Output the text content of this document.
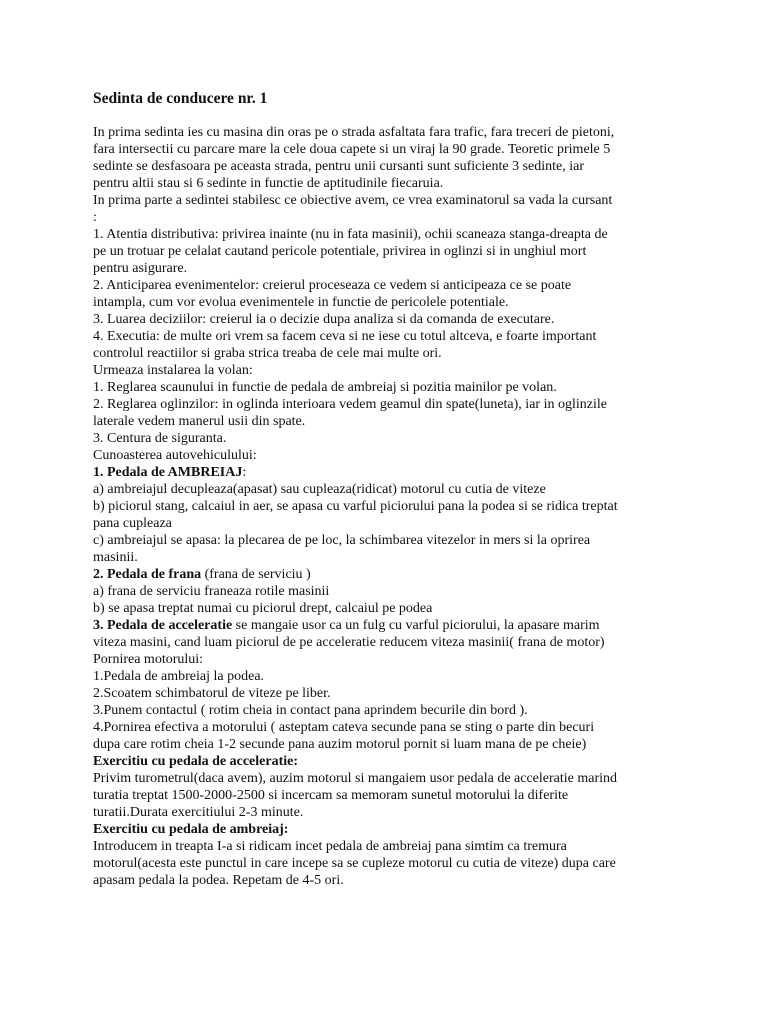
Sedinta de conducere nr. 1
In prima sedinta ies cu masina din oras pe o strada asfaltata fara trafic, fara treceri de pietoni,
fara intersectii cu parcare mare la cele doua capete si un viraj la 90 grade. Teoretic primele 5
sedinte se desfasoara pe aceasta strada, pentru unii cursanti sunt suficiente 3 sedinte, iar
pentru altii stau si 6 sedinte in functie de aptitudinile fiecaruia.
In prima parte a sedintei stabilesc ce obiective avem, ce vrea examinatorul sa vada la cursant
:
1. Atentia distributiva: privirea inainte (nu in fata masinii), ochii scaneaza stanga-dreapta de
pe un trotuar pe celalat cautand pericole potentiale, privirea in oglinzi si in unghiul mort
pentru asigurare.
2. Anticiparea evenimentelor: creierul proceseaza ce vedem si anticipeaza ce se poate
intampla, cum vor evolua evenimentele in functie de pericolele potentiale.
3. Luarea deciziilor: creierul ia o decizie dupa analiza si da comanda de executare.
4. Executia: de multe ori vrem sa facem ceva si ne iese cu totul altceva, e foarte important
controlul reactiilor si graba strica treaba de cele mai multe ori.
Urmeaza instalarea la volan:
1. Reglarea scaunului in functie de pedala de ambreiaj si pozitia mainilor pe volan.
2. Reglarea oglinzilor: in oglinda interioara vedem geamul din spate(luneta), iar in oglinzile
laterale vedem manerul usii din spate.
3. Centura de siguranta.
Cunoasterea autovehiculului:
1. Pedala de AMBREIAJ:
a) ambreiajul decupleaza(apasat) sau cupleaza(ridicat) motorul cu cutia de viteze
b) piciorul stang, calcaiul in aer, se apasa cu varful piciorului pana la podea si se ridica treptat
pana cupleaza
c) ambreiajul se apasa: la plecarea de pe loc, la schimbarea vitezelor in mers si la oprirea
masinii.
2. Pedala de frana (frana de serviciu )
a) frana de serviciu franeaza rotile masinii
b) se apasa treptat numai cu piciorul drept, calcaiul pe podea
3. Pedala de acceleratie se mangaie usor ca un fulg cu varful piciorului, la apasare marim
viteza masini, cand luam piciorul de pe acceleratie reducem viteza masinii( frana de motor)
Pornirea motorului:
1.Pedala de ambreiaj la podea.
2.Scoatem schimbatorul de viteze pe liber.
3.Punem contactul ( rotim cheia in contact pana aprindem becurile din bord ).
4.Pornirea efectiva a motorului ( asteptam cateva secunde pana se sting o parte din becuri
dupa care rotim cheia 1-2 secunde pana auzim motorul pornit si luam mana de pe cheie)
Exercitiu cu pedala de acceleratie:
Privim turometrul(daca avem), auzim motorul si mangaiem usor pedala de acceleratie marind
turatia treptat 1500-2000-2500 si incercam sa memoram sunetul motorului la diferite
turatii.Durata exercitiului 2-3 minute.
Exercitiu cu pedala de ambreiaj:
Introducem in treapta I-a si ridicam incet pedala de ambreiaj pana simtim ca tremura
motorul(acesta este punctul in care incepe sa se cupleze motorul cu cutia de viteze) dupa care
apasam pedala la podea. Repetam de 4-5 ori.
